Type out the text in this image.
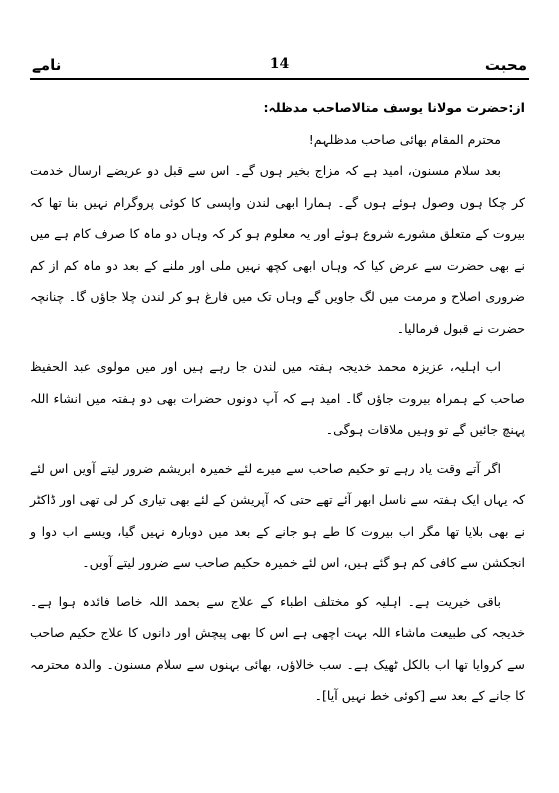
نامے	14	محبت

از:حضرت مولانا یوسف متالاصاحب مدظلہ:

محترم المقام بھائی صاحب مدظلہم!

بعد سلام مسنون، امید ہے کہ مزاج بخیر ہوں گے۔ اس سے قبل دو عریضے ارسال خدمت کر چکا ہوں وصول ہوئے ہوں گے۔ ہمارا ابھی لندن واپسی کا کوئی پروگرام نہیں بنا تھا کہ بیروت کے متعلق مشورے شروع ہوئے اور یہ معلوم ہو کر کہ وہاں دو ماہ کا صرف کام ہے میں نے بھی حضرت سے عرض کیا کہ وہاں ابھی کچھ نہیں ملی اور ملنے کے بعد دو ماہ کم از کم ضروری اصلاح و مرمت میں لگ جاویں گے وہاں تک میں فارغ ہو کر لندن چلا جاؤں گا۔ چنانچہ حضرت نے قبول فرمالیا۔

اب اہلیہ، عزیزہ محمد خدیجہ ہفتہ میں لندن جا رہے ہیں اور میں مولوی عبد الحفیظ صاحب کے ہمراہ بیروت جاؤں گا۔ امید ہے کہ آپ دونوں حضرات بھی دو ہفتہ میں انشاء اللہ پہنچ جائیں گے تو وہیں ملاقات ہوگی۔

اگر آتے وقت یاد رہے تو حکیم صاحب سے میرے لئے خمیرہ ابریشم ضرور لیتے آویں اس لئے کہ یہاں ایک ہفتہ سے ناسل ابھر آئے تھے حتی کہ آپریشن کے لئے بھی تیاری کر لی تھی اور ڈاکٹر نے بھی بلایا تھا مگر اب بیروت کا طے ہو جانے کے بعد میں دوبارہ نہیں گیا، ویسے اب دوا و انجکشن سے کافی کم ہو گئے ہیں، اس لئے خمیرہ حکیم صاحب سے ضرور لیتے آویں۔

باقی خیریت ہے۔ اہلیہ کو مختلف اطباء کے علاج سے بحمد اللہ خاصا فائدہ ہوا ہے۔ خدیجہ کی طبیعت ماشاء اللہ بہت اچھی ہے اس کا بھی پیچش اور دانوں کا علاج حکیم صاحب سے کروایا تھا اب بالکل ٹھیک ہے۔ سب خالاؤں، بھائی بہنوں سے سلام مسنون۔ والدہ محترمہ کا جانے کے بعد سے [کوئی خط نہیں آیا]۔
